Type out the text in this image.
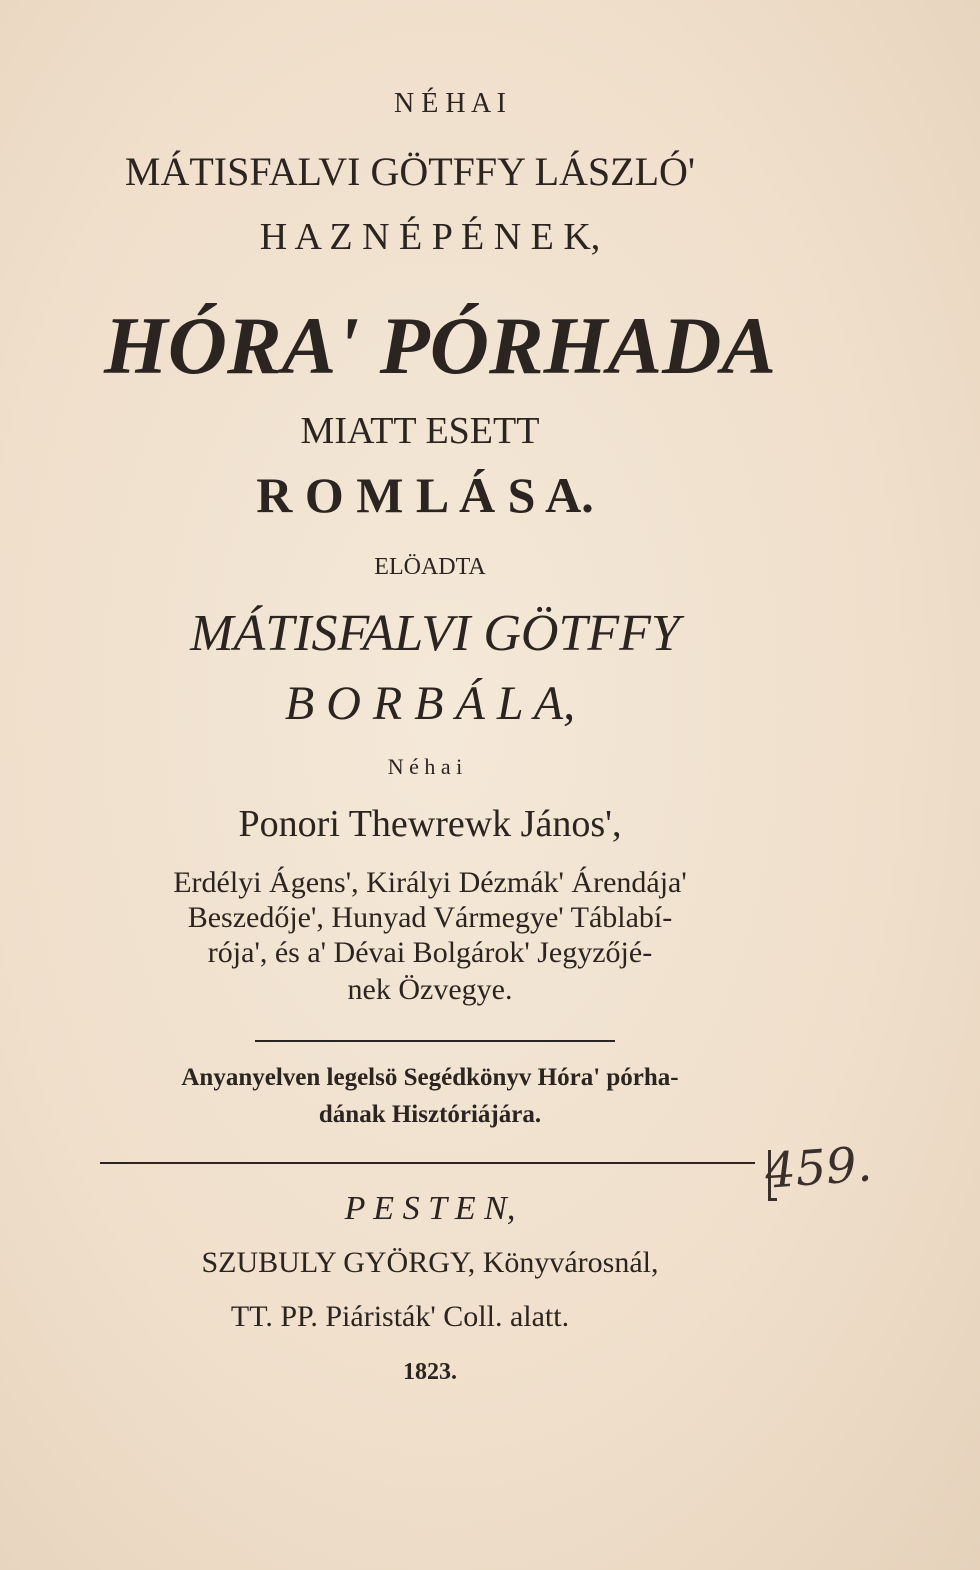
N É H A I
MÁTISFALVI GÖTFFY LÁSZLÓ'
H A Z N É P É N E K,
HÓRA' PÓRHADA
MIATT ESETT
R O M L Á S A.
ELÖADTA
MÁTISFALVI GÖTFFY
B O R B Á L A,
N é h a i
Ponori Thewrewk János',
Erdélyi Ágens', Királyi Dézmák' Árendája'
Beszedője', Hunyad Vármegye' Táblabí-
rója', és a' Dévai Bolgárok' Jegyzőjé-
nek Özvegye.
Anyanyelven legelsö Segédkönyv Hóra' pórha-
dának Hisztóriájára.
459.
P E S T E N,
SZUBULY GYÖRGY, Könyvárosnál,
TT. PP. Piáristák' Coll. alatt.
1823.
